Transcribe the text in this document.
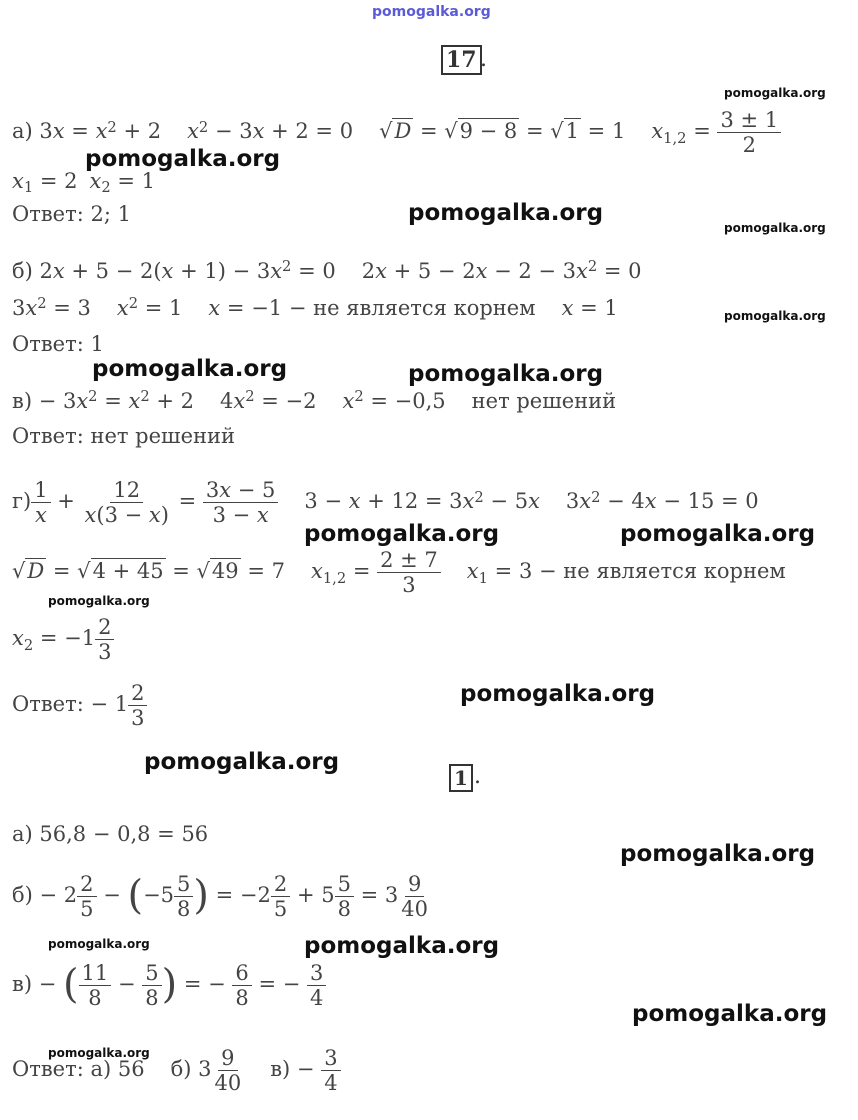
pomogalka.org
pomogalka.org
pomogalka.org
pomogalka.org
pomogalka.org
pomogalka.org
pomogalka.org	pomogalka.org
pomogalka.org	pomogalka.org
pomogalka.org
pomogalka.org
pomogalka.org
pomogalka.org
pomogalka.org	pomogalka.org
pomogalka.org
pomogalka.org
17 .
а) $3x = x^2 + 2$ $x^2 - 3x + 2 = 0$ √D = √9 − 8 = √1 = 1 $x_{1,2} = \frac{3 \pm 1}{2}$
$x_1 = 2$ $x_2 = 1$
Ответ: 2; 1
б) $2x + 5 - 2(x + 1) - 3x^2 = 0$ $2x + 5 - 2x - 2 - 3x^2 = 0$
$3x^2 = 3$ $x^2 = 1$ x = −1 − не является корнем x = 1
Ответ: 1
$в) - 3x^2 = x^2 + 2$ $4x^2 = -2$ $x^2 = -0,5$ нет решений
Ответ: нет решений
$г) \frac{1}{x} + \frac{12}{x(3 - x)} = \frac{3x - 5}{3 - x} 3 - x + 12 = 3x^2 - 5x$ $3x^2 - 4x - 15 = 0$
√D = √4 + 45 = √49 = 7 $x_{1,2} = \frac{2 \pm 7}{3} x_1 = 3$ − не является корнем
$x_2 = -1 \frac{2}{3}$
Ответ: − $1 \frac{2}{3}$
1 .
а) 56,8 − 0,8 = 56
$б) - 2 \frac{2}{5} - (-5 \frac{5}{8}$ ) = $-2 \frac{2}{5} + 5 \frac{5}{8} = 3 \frac{9}{40}$
в) − ( $\frac{11}{8} - \frac{5}{8}$ ) = − $\frac{6}{8}$ = − $\frac{3}{4}$
Ответ: а) 56 б) $3 \frac{9}{40} в) - \frac{3}{4}$
